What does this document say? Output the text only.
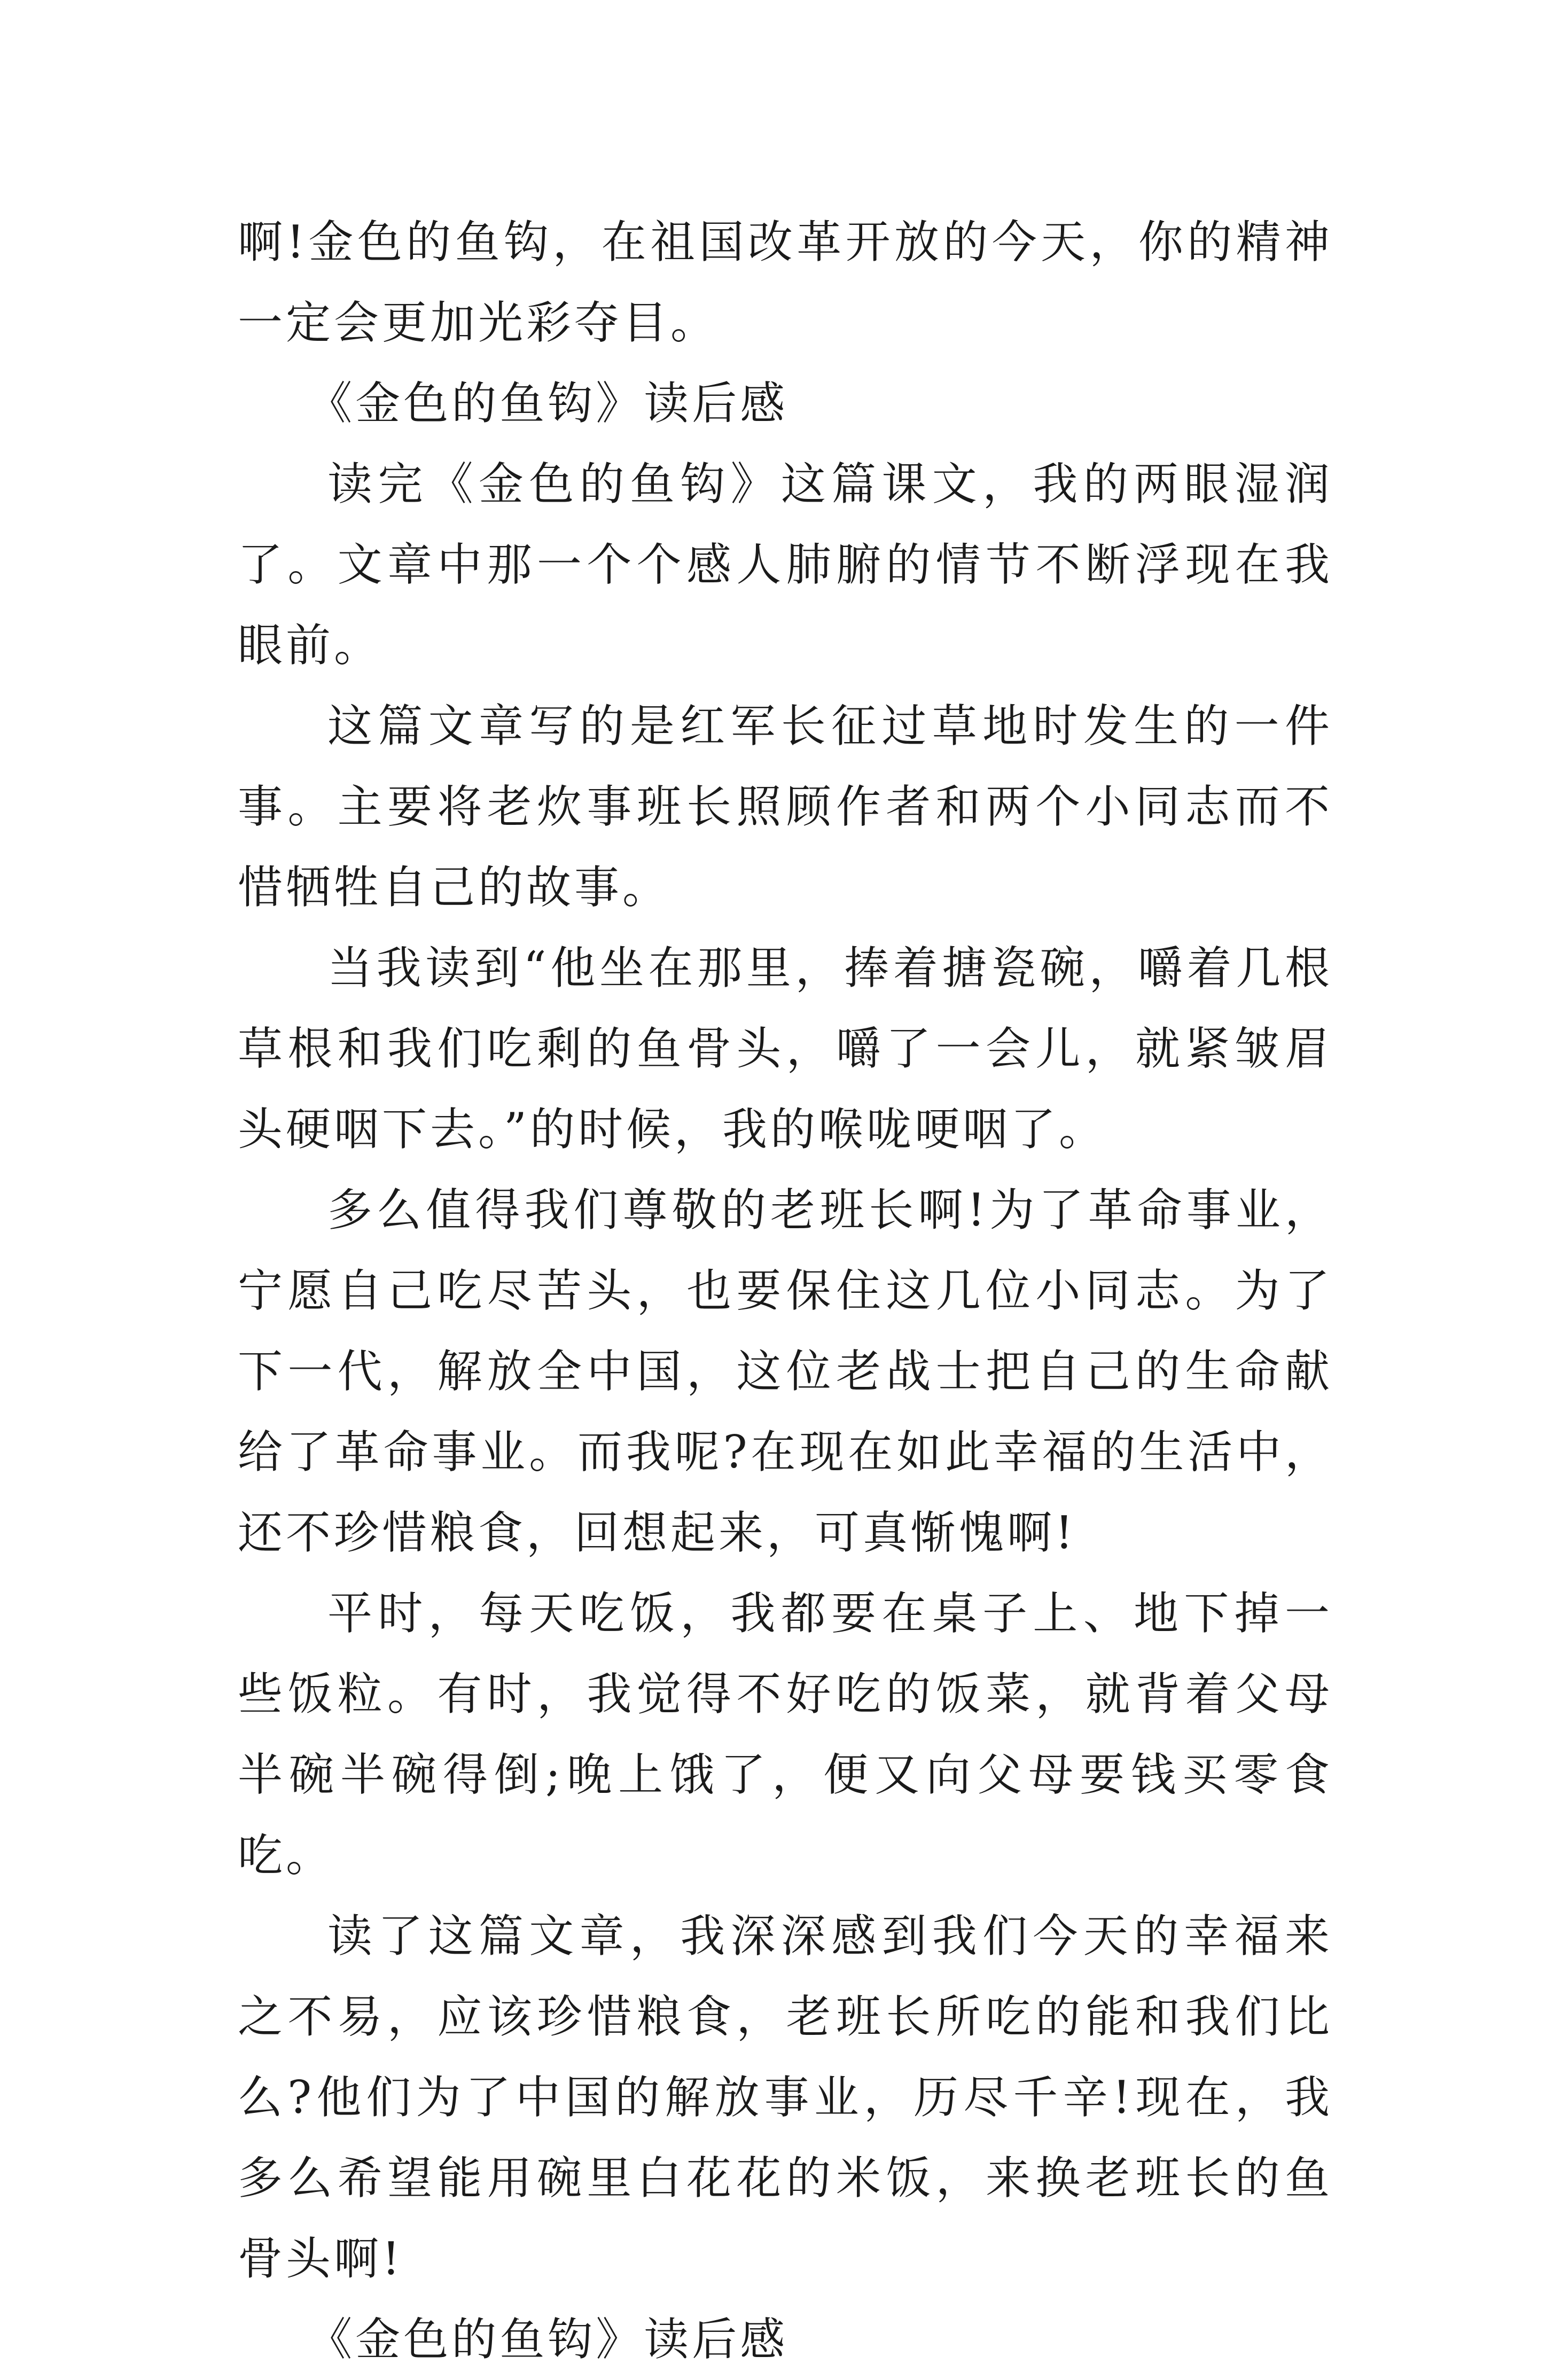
啊!金色的鱼钩，在祖国改革开放的今天，你的精神一定会更加光彩夺目。

《金色的鱼钩》读后感

读完《金色的鱼钩》这篇课文，我的两眼湿润了。文章中那一个个感人肺腑的情节不断浮现在我眼前。

这篇文章写的是红军长征过草地时发生的一件事。主要将老炊事班长照顾作者和两个小同志而不惜牺牲自己的故事。

当我读到“他坐在那里，捧着搪瓷碗，嚼着几根草根和我们吃剩的鱼骨头，嚼了一会儿，就紧皱眉头硬咽下去。”的时候，我的喉咙哽咽了。

多么值得我们尊敬的老班长啊!为了革命事业，宁愿自己吃尽苦头，也要保住这几位小同志。为了下一代，解放全中国，这位老战士把自己的生命献给了革命事业。而我呢?在现在如此幸福的生活中，还不珍惜粮食，回想起来，可真惭愧啊!

平时，每天吃饭，我都要在桌子上、地下掉一些饭粒。有时，我觉得不好吃的饭菜，就背着父母半碗半碗得倒;晚上饿了，便又向父母要钱买零食吃。

读了这篇文章，我深深感到我们今天的幸福来之不易，应该珍惜粮食，老班长所吃的能和我们比么?他们为了中国的解放事业，历尽千辛!现在，我多么希望能用碗里白花花的米饭，来换老班长的鱼骨头啊!

《金色的鱼钩》读后感
